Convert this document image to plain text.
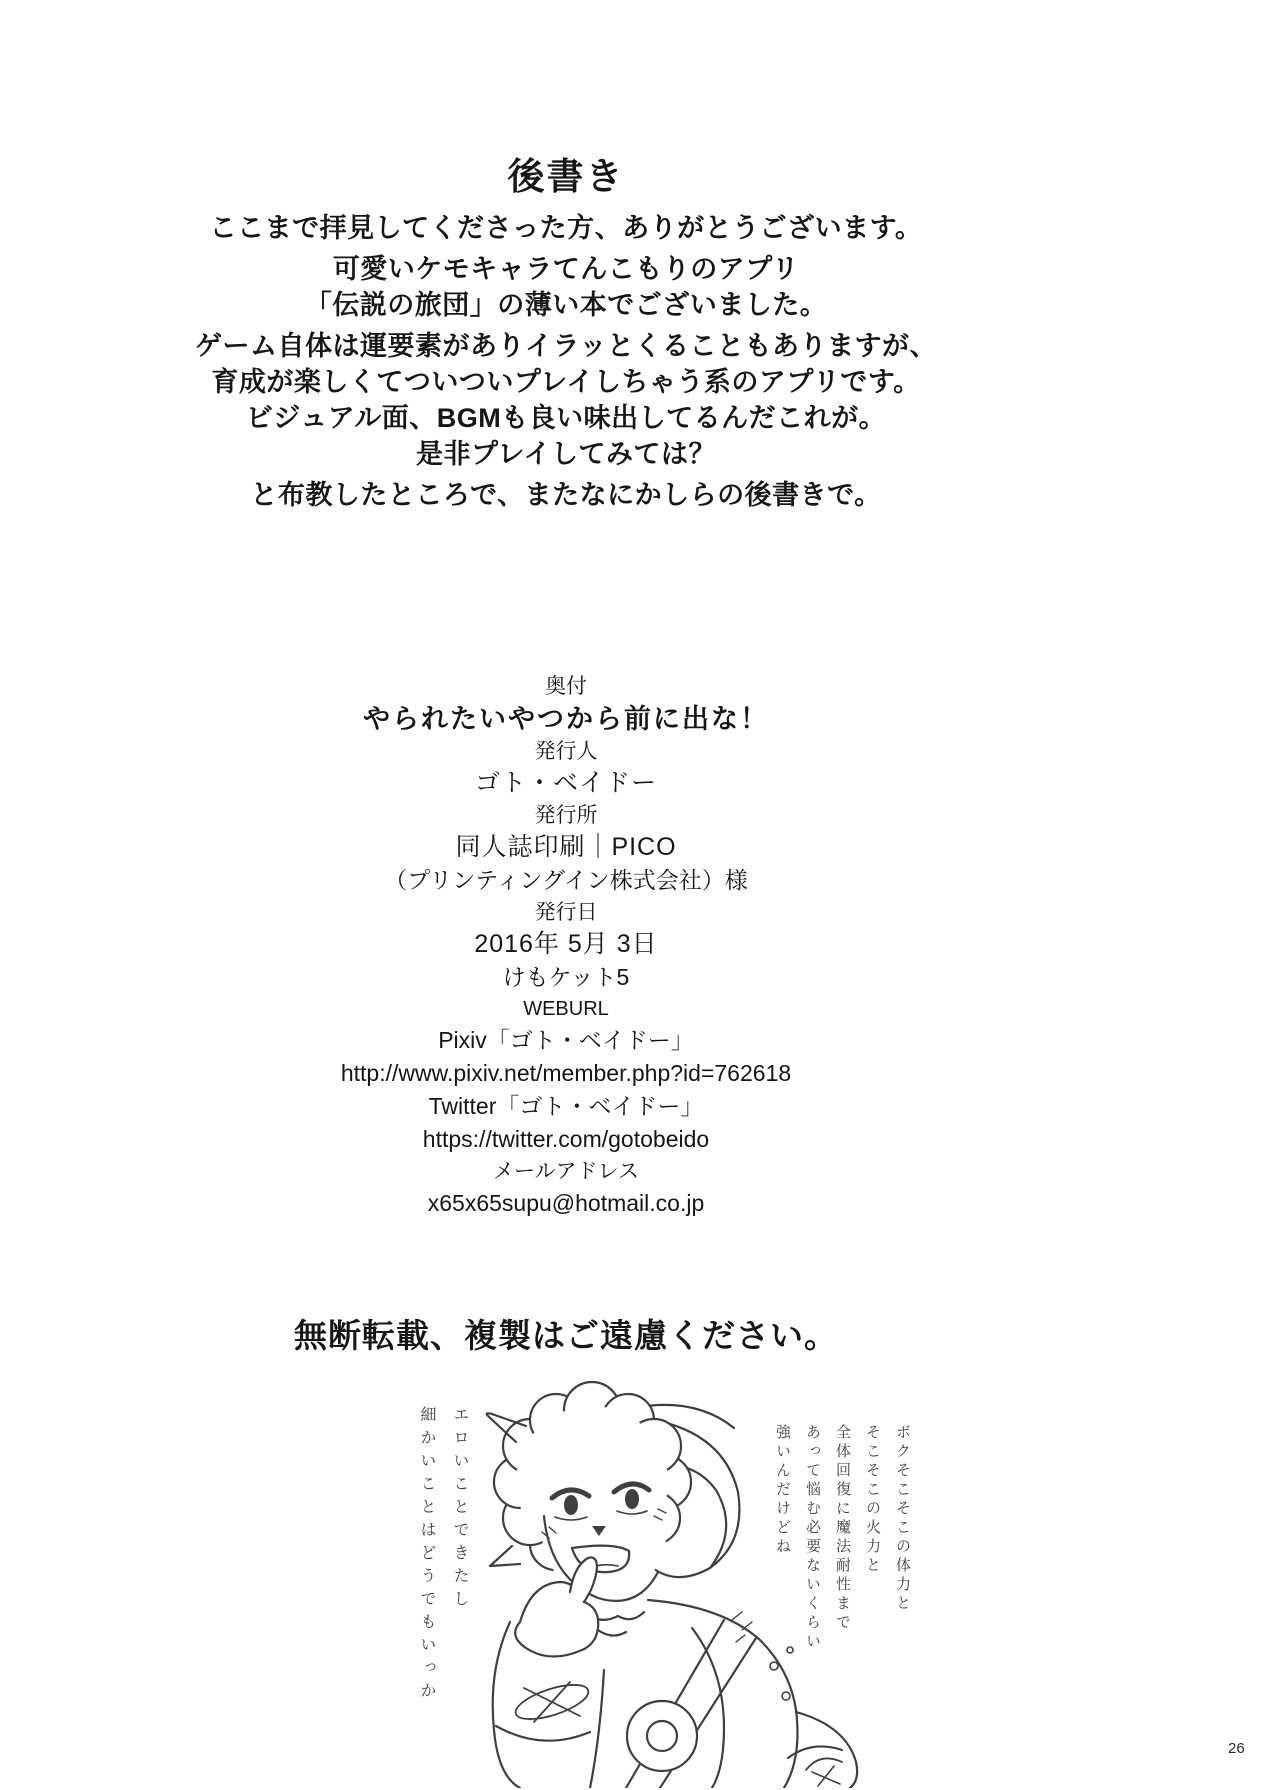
後書き

ここまで拝見してくださった方、ありがとうございます。

可愛いケモキャラてんこもりのアプリ

「伝説の旅団」の薄い本でございました。

ゲーム自体は運要素がありイラッとくることもありますが、

育成が楽しくてついついプレイしちゃう系のアプリです。

ビジュアル面、BGMも良い味出してるんだこれが。

是非プレイしてみては？

と布教したところで、またなにかしらの後書きで。

奥付

やられたいやつから前に出な！

発行人

ゴト・ベイドー

発行所

同人誌印刷｜PICO

（プリンティングイン株式会社）様

発行日

2016年 5月 3日

けもケット5

WEBURL

Pixiv「ゴト・ベイドー」

http://www.pixiv.net/member.php?id=762618

Twitter「ゴト・ベイドー」

https://twitter.com/gotobeido

メールアドレス

x65x65supu@hotmail.co.jp

無断転載、複製はご遠慮ください。

エロいことできたし
細かいことはどうでもいっか	ボクそこそこの体力と
そこそこの火力と
全体回復に魔法耐性まで
あって悩む必要ないくらい
強いんだけどね
26
